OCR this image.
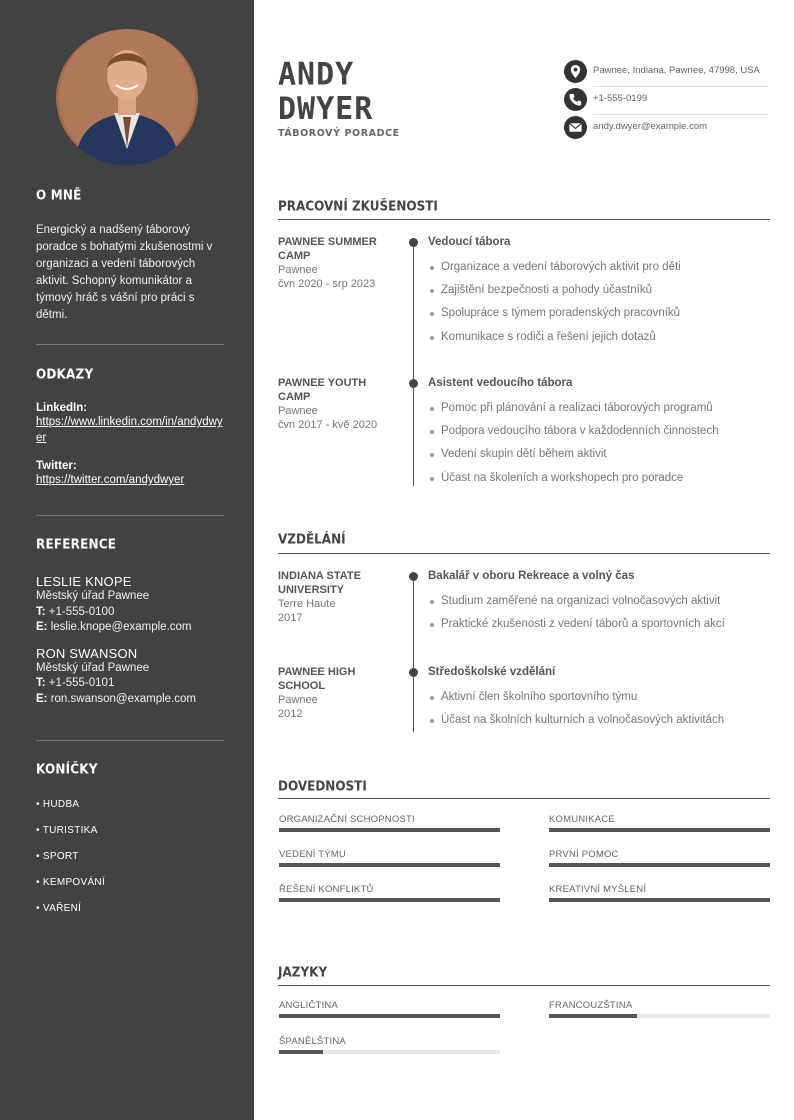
O MNĚ
Energický a nadšený táborový poradce s bohatými zkušenostmi v organizaci a vedení táborových aktivit. Schopný komunikátor a týmový hráč s vášní pro práci s dětmi.
ODKAZY
LinkedIn:
https://www.linkedin.com/in/andydwyer
Twitter:
https://twitter.com/andydwyer
REFERENCE
LESLIE KNOPE
Městský úřad Pawnee
T: +1-555-0100
E: leslie.knope@example.com
RON SWANSON
Městský úřad Pawnee
T: +1-555-0101
E: ron.swanson@example.com
KONÍČKY
• HUDBA
• TURISTIKA
• SPORT
• KEMPOVÁNÍ
• VAŘENÍ
ANDY
DWYER
TÁBOROVÝ PORADCE
Pawnee, Indiana, Pawnee, 47998, USA
+1-555-0199
andy.dwyer@example.com
PRACOVNÍ ZKUŠENOSTI
PAWNEE SUMMER CAMP
Pawnee
čvn 2020 - srp 2023
Vedoucí tábora
Organizace a vedení táborových aktivit pro děti
Zajištění bezpečnosti a pohody účastníků
Spolupráce s týmem poradenských pracovníků
Komunikace s rodiči a řešení jejich dotazů
PAWNEE YOUTH CAMP
Pawnee
čvn 2017 - kvě 2020
Asistent vedoucího tábora
Pomoc při plánování a realizaci táborových programů
Podpora vedoucího tábora v každodenních činnostech
Vedení skupin dětí během aktivit
Účast na školeních a workshopech pro poradce
VZDĚLÁNÍ
INDIANA STATE UNIVERSITY
Terre Haute
2017
Bakalář v oboru Rekreace a volný čas
Studium zaměřené na organizaci volnočasových aktivit
Praktické zkušenosti z vedení táborů a sportovních akcí
PAWNEE HIGH SCHOOL
Pawnee
2012
Středoškolské vzdělání
Aktivní člen školního sportovního týmu
Účast na školních kulturních a volnočasových aktivitách
DOVEDNOSTI
ORGANIZAČNÍ SCHOPNOSTI	KOMUNIKACE
VEDENÍ TÝMU	PRVNÍ POMOC
ŘEŠENÍ KONFLIKTŮ	KREATIVNÍ MYŠLENÍ
JAZYKY
ANGLIČTINA	FRANCOUZŠTINA
ŠPANĚLŠTINA
